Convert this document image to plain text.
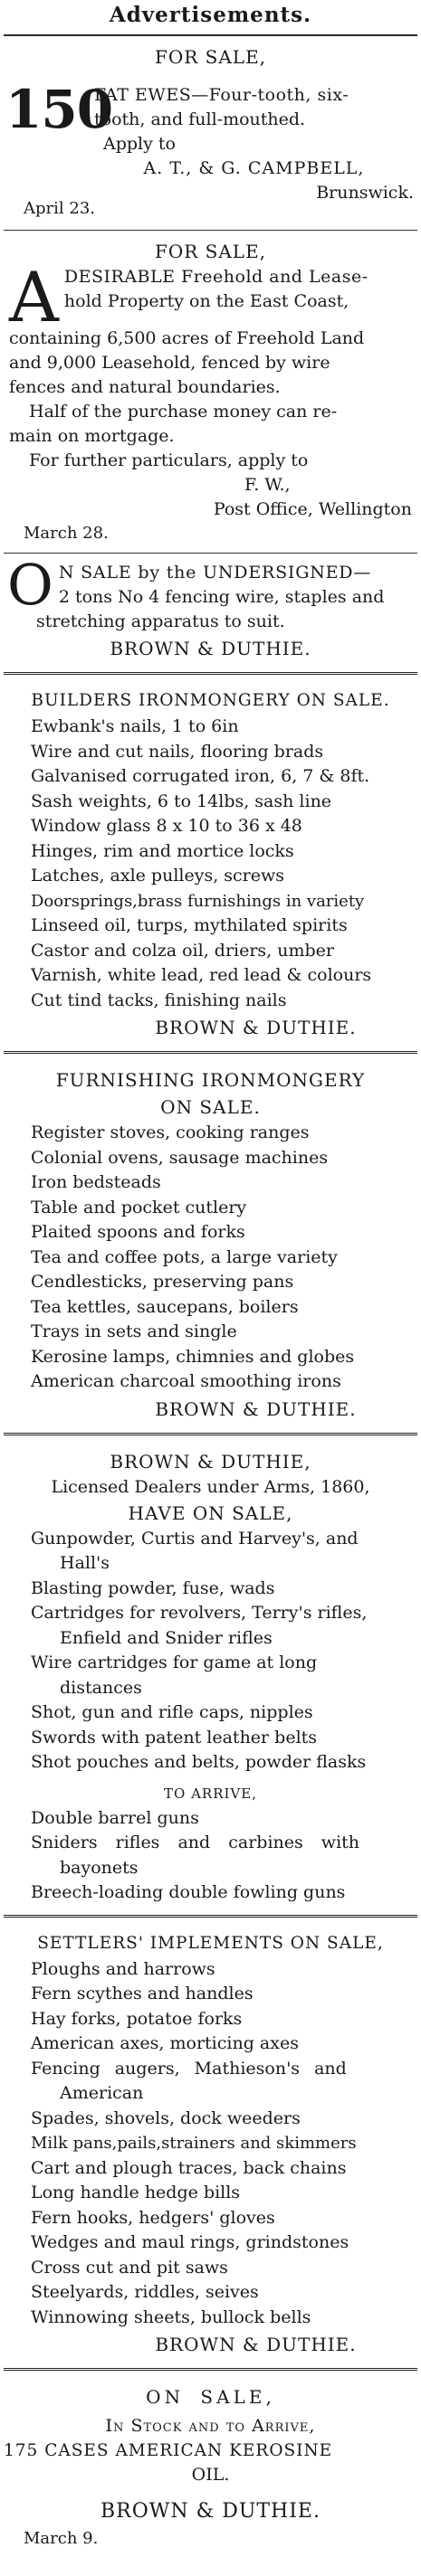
Advertisements.
FOR SALE,
150
FAT EWES—Four-tooth, six-
tooth, and full-mouthed.
Apply to
A. T., & G. CAMPBELL,
Brunswick.
April 23.
FOR SALE,
A DESIRABLE Freehold and Lease-
hold Property on the East Coast,
containing 6,500 acres of Freehold Land
and 9,000 Leasehold, fenced by wire
fences and natural boundaries.
Half of the purchase money can re-
main on mortgage.
For further particulars, apply to
F. W.,
Post Office, Wellington
March 28.
O N SALE by the UNDERSIGNED—
2 tons No 4 fencing wire, staples and
stretching apparatus to suit.
BROWN & DUTHIE.
BUILDERS IRONMONGERY ON SALE.
Ewbank's nails, 1 to 6in
Wire and cut nails, flooring brads
Galvanised corrugated iron, 6, 7 & 8ft.
Sash weights, 6 to 14lbs, sash line
Window glass 8 x 10 to 36 x 48
Hinges, rim and mortice locks
Latches, axle pulleys, screws
Doorsprings,brass furnishings in variety
Linseed oil, turps, mythilated spirits
Castor and colza oil, driers, umber
Varnish, white lead, red lead & colours
Cut tind tacks, finishing nails
BROWN & DUTHIE.
FURNISHING IRONMONGERY
ON SALE.
Register stoves, cooking ranges
Colonial ovens, sausage machines
Iron bedsteads
Table and pocket cutlery
Plaited spoons and forks
Tea and coffee pots, a large variety
Cendlesticks, preserving pans
Tea kettles, saucepans, boilers
Trays in sets and single
Kerosine lamps, chimnies and globes
American charcoal smoothing irons
BROWN & DUTHIE.
BROWN & DUTHIE,
Licensed Dealers under Arms, 1860,
HAVE ON SALE,
Gunpowder, Curtis and Harvey's, and
Hall's
Blasting powder, fuse, wads
Cartridges for revolvers, Terry's rifles,
Enfield and Snider rifles
Wire cartridges for game at long
distances
Shot, gun and rifle caps, nipples
Swords with patent leather belts
Shot pouches and belts, powder flasks
TO ARRIVE,
Double barrel guns
Sniders rifles and carbines with
bayonets
Breech-loading double fowling guns
SETTLERS' IMPLEMENTS ON SALE,
Ploughs and harrows
Fern scythes and handles
Hay forks, potatoe forks
American axes, morticing axes
Fencing augers, Mathieson's and
American
Spades, shovels, dock weeders
Milk pans,pails,strainers and skimmers
Cart and plough traces, back chains
Long handle hedge bills
Fern hooks, hedgers' gloves
Wedges and maul rings, grindstones
Cross cut and pit saws
Steelyards, riddles, seives
Winnowing sheets, bullock bells
BROWN & DUTHIE.
ON SALE,
In Stock and to Arrive,
175 CASES AMERICAN KEROSINE
OIL.
BROWN & DUTHIE.
March 9.
